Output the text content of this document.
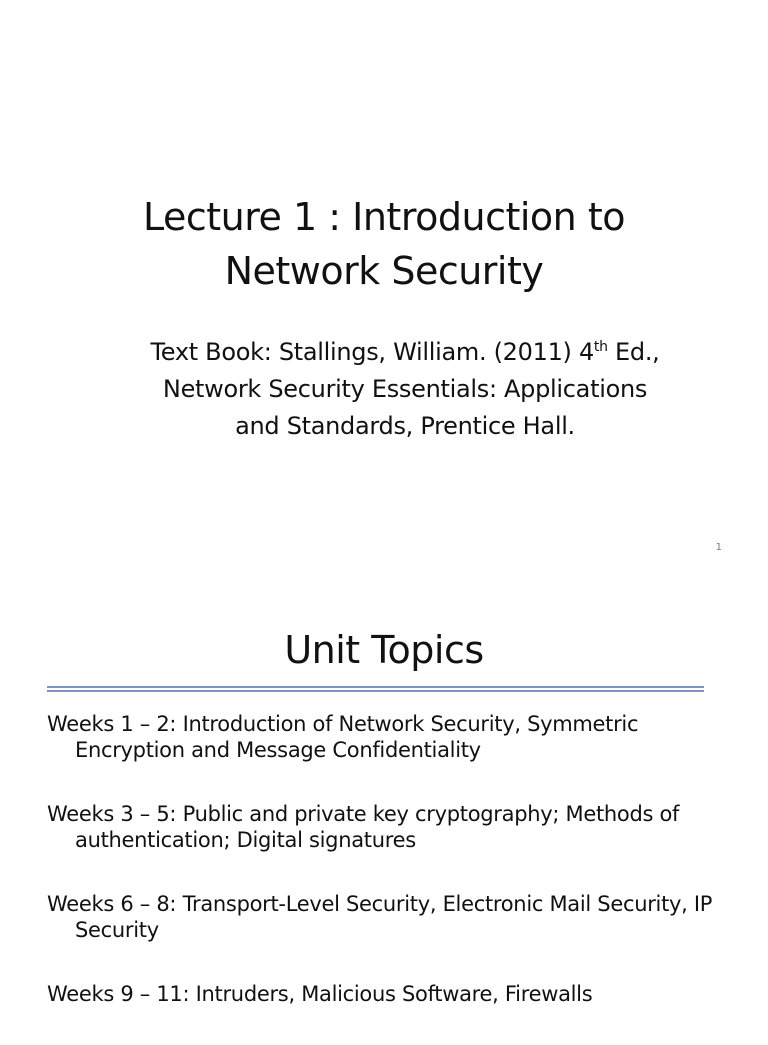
Lecture 1 : Introduction to
Network Security
Text Book: Stallings, William. (2011) 4th Ed.,
Network Security Essentials: Applications
and Standards, Prentice Hall.
1
Unit Topics
Weeks 1 – 2: Introduction of Network Security, Symmetric Encryption and Message Confidentiality
Weeks 3 – 5: Public and private key cryptography; Methods of authentication; Digital signatures
Weeks 6 – 8: Transport-Level Security, Electronic Mail Security, IP Security
Weeks 9 – 11: Intruders, Malicious Software, Firewalls
